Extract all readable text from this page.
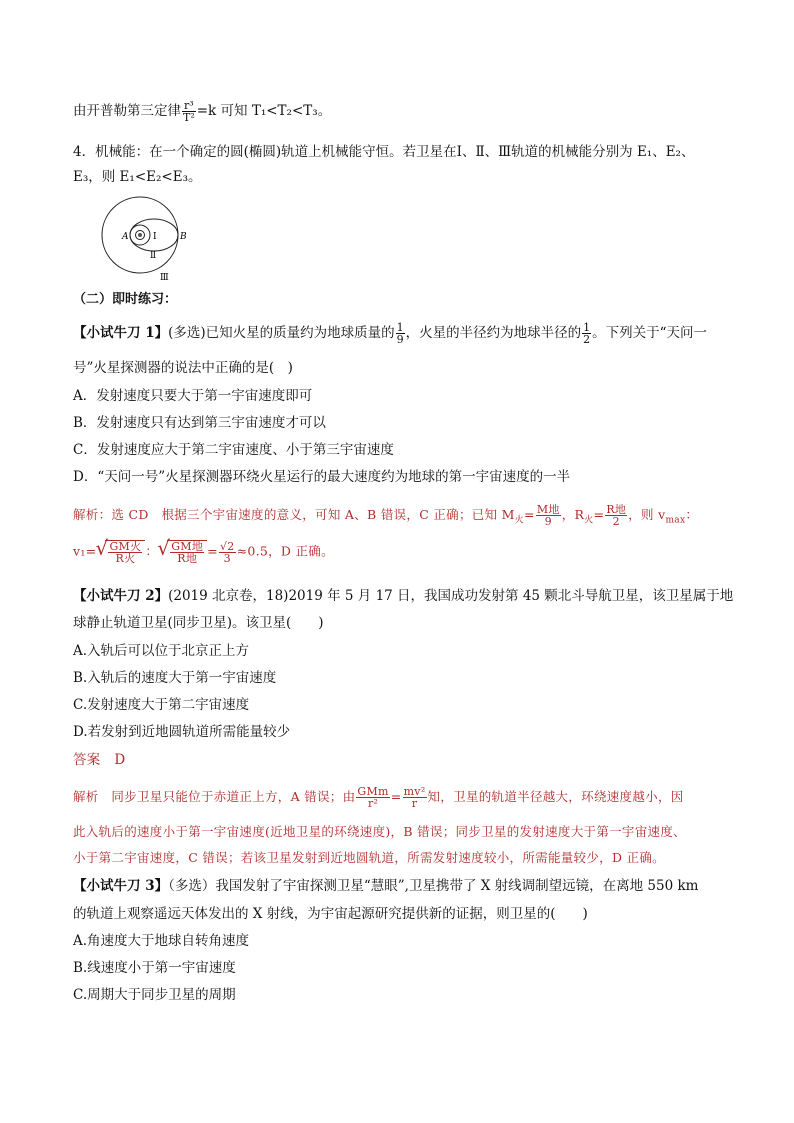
由开普勒第三定律 $\frac{\text{r³}}{\text{T²}} =k$ 可知 T₁<T₂<T₃。
4．机械能：在一个确定的圆(椭圆)轨道上机械能守恒。若卫星在Ⅰ、Ⅱ、Ⅲ轨道的机械能分别为 E₁、E₂、
E₃，则 E₁<E₂<E₃。
A	B
Ⅰ
Ⅱ
Ⅲ
（二）即时练习：
【小试牛刀 1】(多选)已知火星的质量约为地球质量的 $\frac{1}{9}$ ，火星的半径约为地球半径的 $\frac{1}{2}$ 。下列关于“天问一
号”火星探测器的说法中正确的是(　)
A．发射速度只要大于第一宇宙速度即可
B．发射速度只有达到第三宇宙速度才可以
C．发射速度应大于第二宇宙速度、小于第三宇宙速度
D．“天问一号”火星探测器环绕火星运行的最大速度约为地球的第一宇宙速度的一半
解析：选 CD　根据三个宇宙速度的意义，可知 A、B 错误，C 正确；已知 $M_火= \frac{\text{M地}}{9}$ ，$R_火= \frac{\text{R地}}{2}$ ，则 $v_{max}$：
v₁= √ $\frac{\text{GM火}}{\text{R火}}$ ： √ $\frac{\text{GM地}}{\text{R地}} = \frac{√2}{3} \approx 0.5$，D 正确。
【小试牛刀 2】(2019 北京卷，18)2019 年 5 月 17 日，我国成功发射第 45 颗北斗导航卫星，该卫星属于地
球静止轨道卫星(同步卫星)。该卫星(　　)
A.入轨后可以位于北京正上方
B.入轨后的速度大于第一宇宙速度
C.发射速度大于第二宇宙速度
D.若发射到近地圆轨道所需能量较少
答案　D
解析　同步卫星只能位于赤道正上方，A 错误；由 $\frac{\text{GMm}}{\text{r²}} = \frac{\text{mv²}}{r}$ 知，卫星的轨道半径越大，环绕速度越小，因
此入轨后的速度小于第一宇宙速度(近地卫星的环绕速度)，B 错误；同步卫星的发射速度大于第一宇宙速度、
小于第二宇宙速度，C 错误；若该卫星发射到近地圆轨道，所需发射速度较小，所需能量较少，D 正确。
【小试牛刀 3】（多选）我国发射了宇宙探测卫星“慧眼”,卫星携带了 X 射线调制望远镜，在离地 550 km
的轨道上观察遥远天体发出的 X 射线，为宇宙起源研究提供新的证据，则卫星的(　　)
A.角速度大于地球自转角速度
B.线速度小于第一宇宙速度
C.周期大于同步卫星的周期
